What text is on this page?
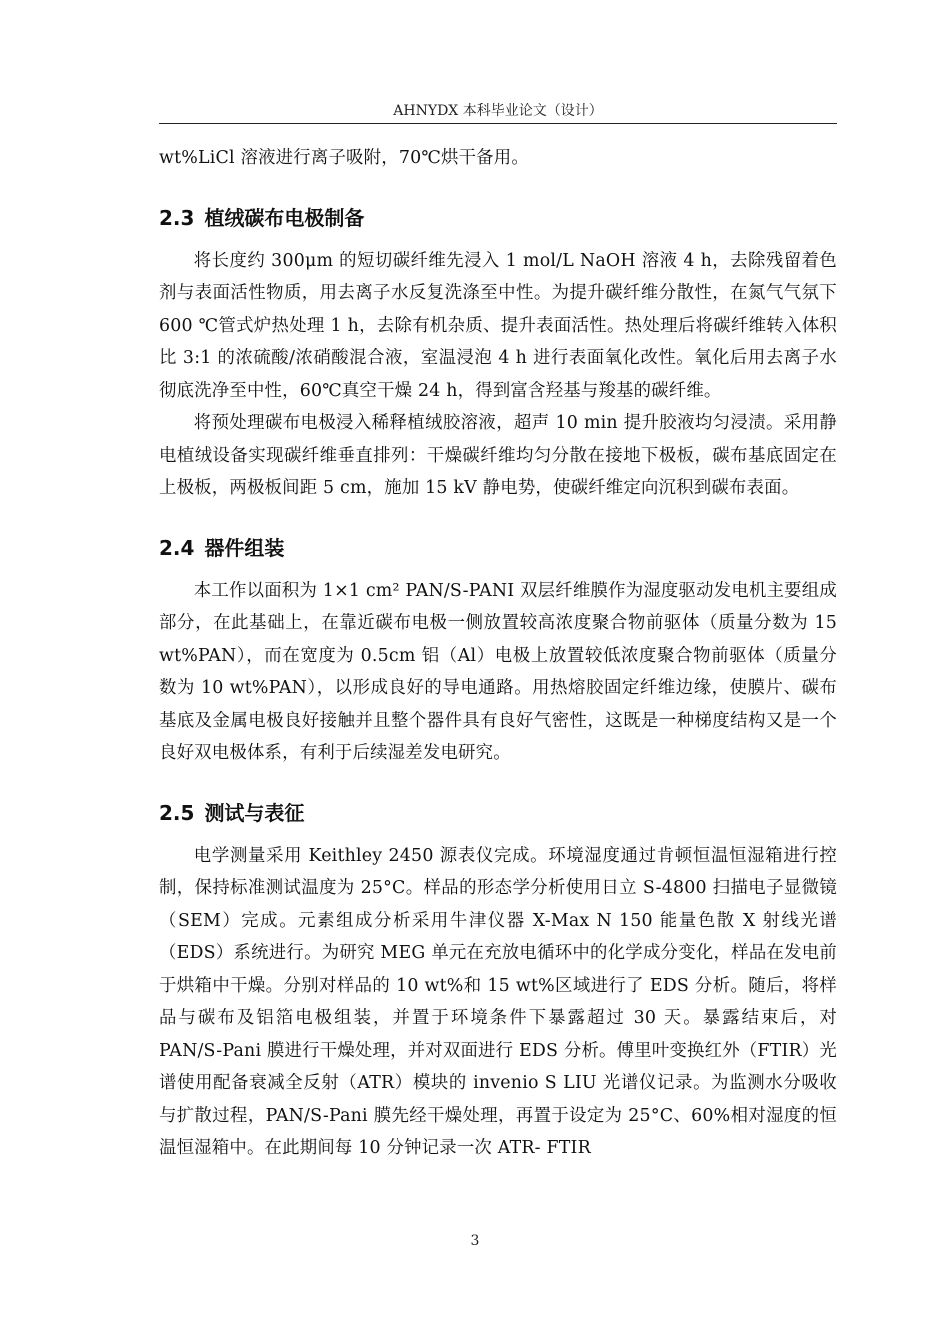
AHNYDX 本科毕业论文（设计）

wt%LiCl 溶液进行离子吸附，70℃烘干备用。

2.3 植绒碳布电极制备

将长度约 300μm 的短切碳纤维先浸入 1 mol/L NaOH 溶液 4 h，去除残留着色剂与表面活性物质，用去离子水反复洗涤至中性。为提升碳纤维分散性，在氮气气氛下 600 ℃管式炉热处理 1 h，去除有机杂质、提升表面活性。热处理后将碳纤维转入体积比 3:1 的浓硫酸/浓硝酸混合液，室温浸泡 4 h 进行表面氧化改性。氧化后用去离子水彻底洗净至中性，60℃真空干燥 24 h，得到富含羟基与羧基的碳纤维。

将预处理碳布电极浸入稀释植绒胶溶液，超声 10 min 提升胶液均匀浸渍。采用静电植绒设备实现碳纤维垂直排列：干燥碳纤维均匀分散在接地下极板，碳布基底固定在上极板，两极板间距 5 cm，施加 15 kV 静电势，使碳纤维定向沉积到碳布表面。

2.4 器件组装

本工作以面积为 1×1 cm² PAN/S-PANI 双层纤维膜作为湿度驱动发电机主要组成部分，在此基础上，在靠近碳布电极一侧放置较高浓度聚合物前驱体（质量分数为 15 wt%PAN），而在宽度为 0.5cm 铝（Al）电极上放置较低浓度聚合物前驱体（质量分数为 10 wt%PAN），以形成良好的导电通路。用热熔胶固定纤维边缘，使膜片、碳布基底及金属电极良好接触并且整个器件具有良好气密性，这既是一种梯度结构又是一个良好双电极体系，有利于后续湿差发电研究。

2.5 测试与表征

电学测量采用 Keithley 2450 源表仪完成。环境湿度通过肯顿恒温恒湿箱进行控制，保持标准测试温度为 25°C。样品的形态学分析使用日立 S-4800 扫描电子显微镜（SEM）完成。元素组成分析采用牛津仪器 X-Max N 150 能量色散 X 射线光谱（EDS）系统进行。为研究 MEG 单元在充放电循环中的化学成分变化，样品在发电前于烘箱中干燥。分别对样品的 10 wt%和 15 wt%区域进行了 EDS 分析。随后，将样品与碳布及铝箔电极组装，并置于环境条件下暴露超过 30 天。暴露结束后，对 PAN/S-Pani 膜进行干燥处理，并对双面进行 EDS 分析。傅里叶变换红外（FTIR）光谱使用配备衰减全反射（ATR）模块的 invenio S LIU 光谱仪记录。为监测水分吸收与扩散过程，PAN/S-Pani 膜先经干燥处理，再置于设定为 25°C、60%相对湿度的恒温恒湿箱中。在此期间每 10 分钟记录一次 ATR- FTIR

3
